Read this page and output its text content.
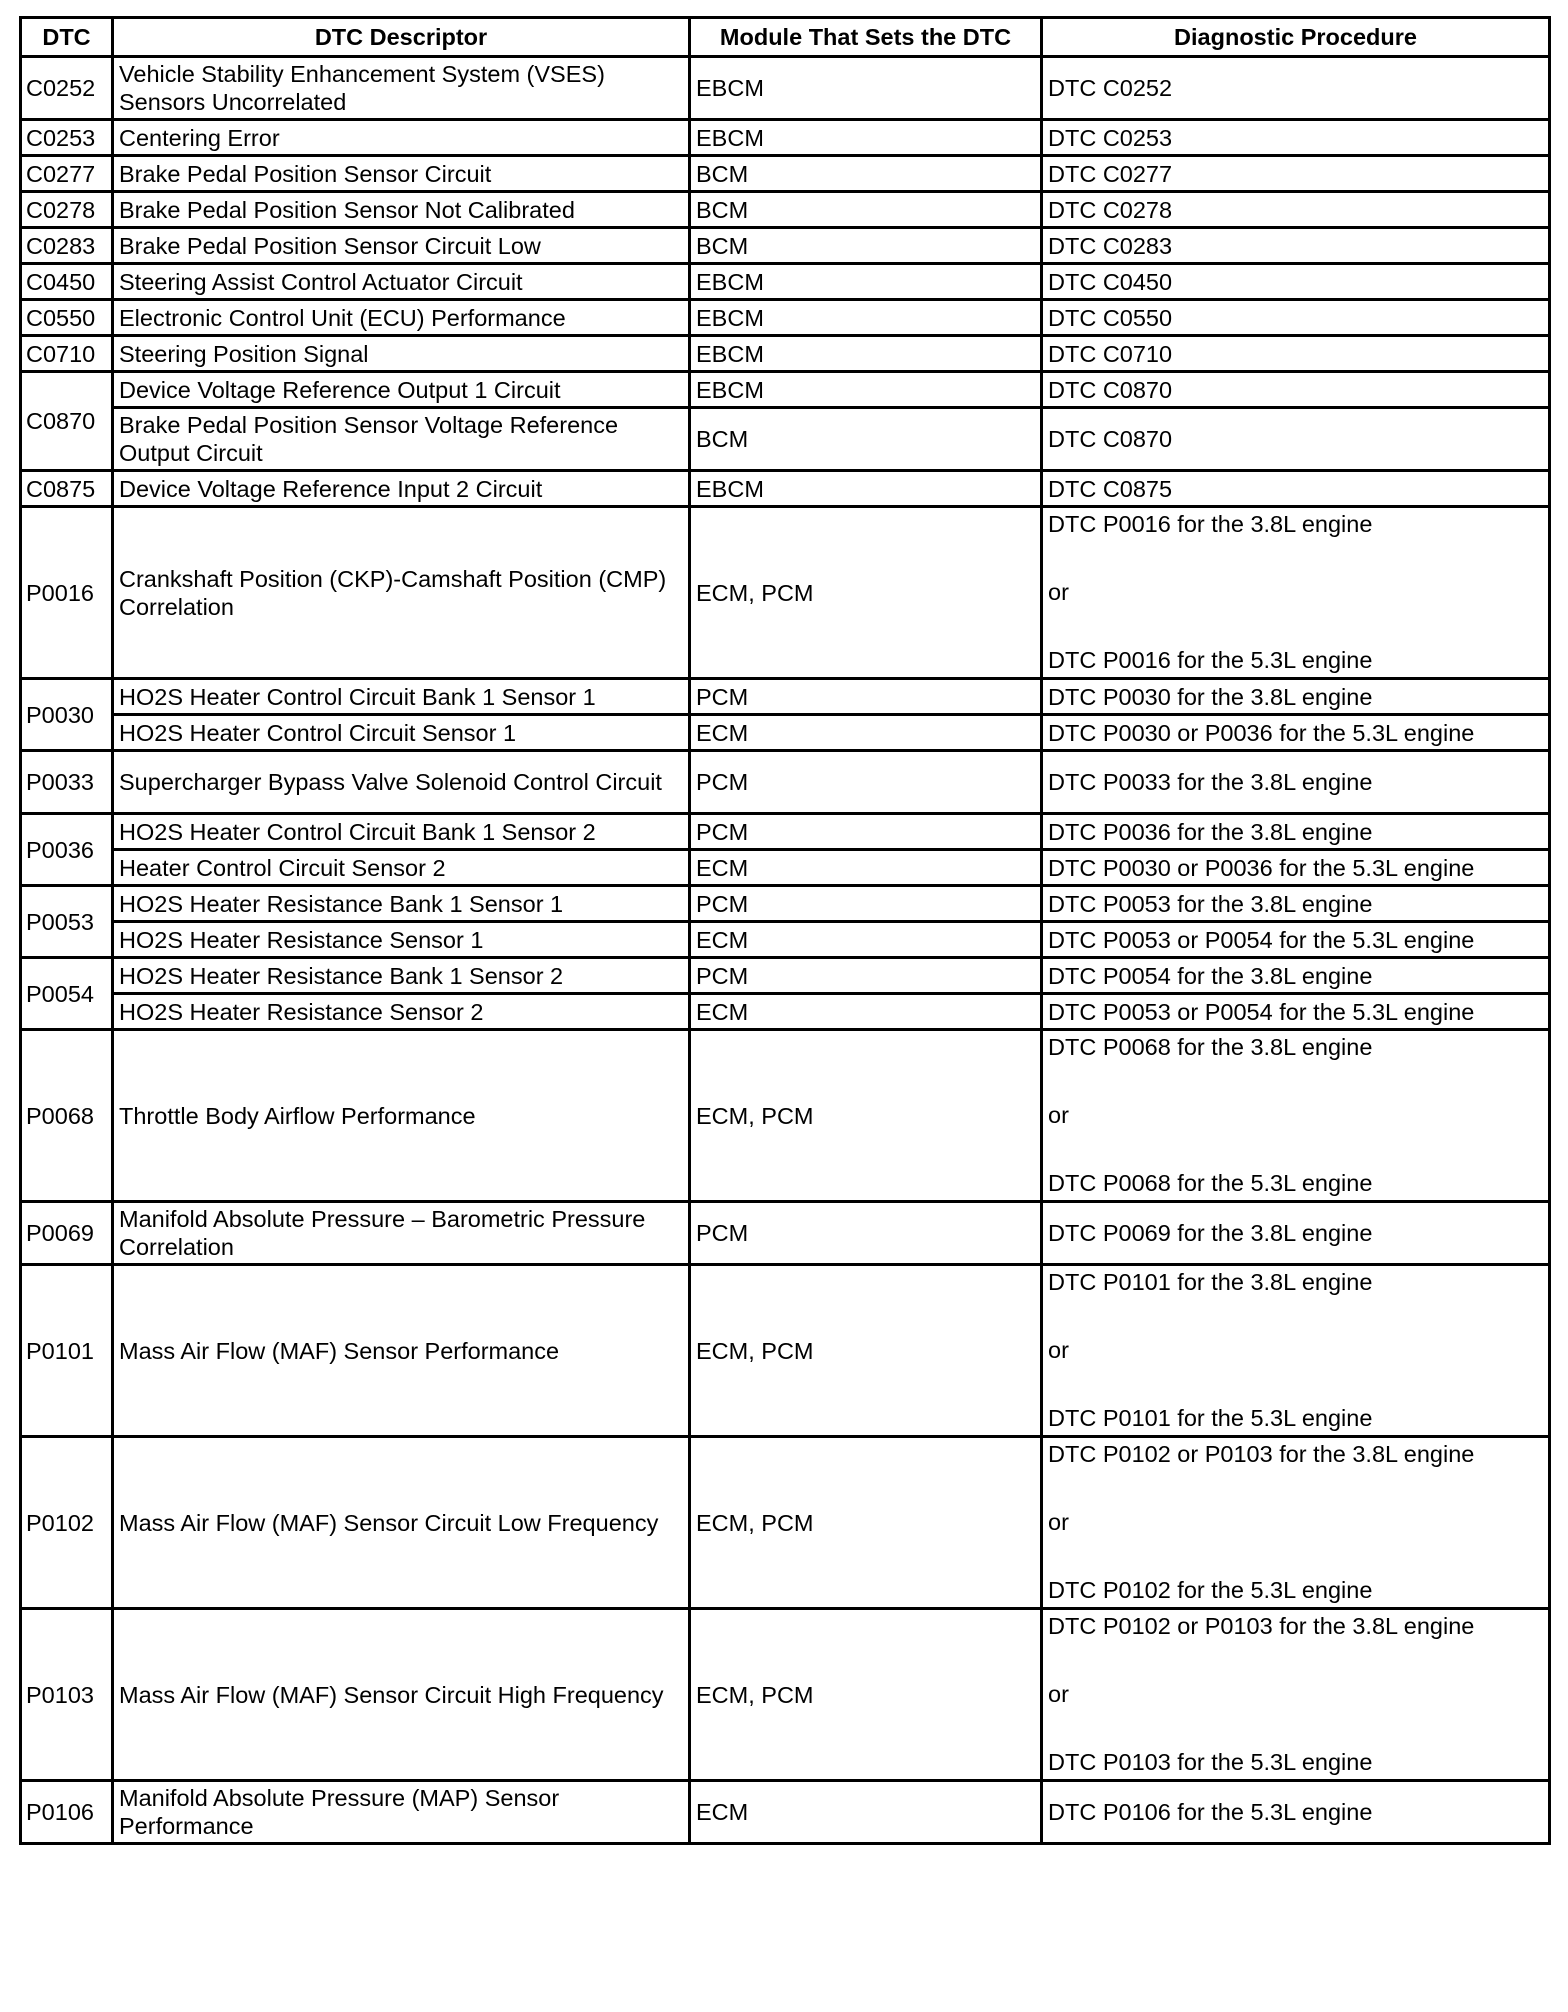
DTC	DTC Descriptor	Module That Sets the DTC	Diagnostic Procedure
C0252	Vehicle Stability Enhancement System (VSES) Sensors Uncorrelated	EBCM	DTC C0252
C0253	Centering Error	EBCM	DTC C0253
C0277	Brake Pedal Position Sensor Circuit	BCM	DTC C0277
C0278	Brake Pedal Position Sensor Not Calibrated	BCM	DTC C0278
C0283	Brake Pedal Position Sensor Circuit Low	BCM	DTC C0283
C0450	Steering Assist Control Actuator Circuit	EBCM	DTC C0450
C0550	Electronic Control Unit (ECU) Performance	EBCM	DTC C0550
C0710	Steering Position Signal	EBCM	DTC C0710
C0870	Device Voltage Reference Output 1 Circuit	EBCM	DTC C0870
	Brake Pedal Position Sensor Voltage Reference Output Circuit	BCM	DTC C0870
C0875	Device Voltage Reference Input 2 Circuit	EBCM	DTC C0875
P0016	Crankshaft Position (CKP)-Camshaft Position (CMP) Correlation	ECM, PCM	DTC P0016 for the 3.8L engine
or
DTC P0016 for the 5.3L engine

P0030	HO2S Heater Control Circuit Bank 1 Sensor 1	PCM	DTC P0030 for the 3.8L engine
	HO2S Heater Control Circuit Sensor 1	ECM	DTC P0030 or P0036 for the 5.3L engine
P0033	Supercharger Bypass Valve Solenoid Control Circuit	PCM	DTC P0033 for the 3.8L engine
P0036	HO2S Heater Control Circuit Bank 1 Sensor 2	PCM	DTC P0036 for the 3.8L engine
	Heater Control Circuit Sensor 2	ECM	DTC P0030 or P0036 for the 5.3L engine
P0053	HO2S Heater Resistance Bank 1 Sensor 1	PCM	DTC P0053 for the 3.8L engine
	HO2S Heater Resistance Sensor 1	ECM	DTC P0053 or P0054 for the 5.3L engine
P0054	HO2S Heater Resistance Bank 1 Sensor 2	PCM	DTC P0054 for the 3.8L engine
	HO2S Heater Resistance Sensor 2	ECM	DTC P0053 or P0054 for the 5.3L engine
P0068	Throttle Body Airflow Performance	ECM, PCM	DTC P0068 for the 3.8L engine
or
DTC P0068 for the 5.3L engine

P0069	Manifold Absolute Pressure – Barometric Pressure Correlation	PCM	DTC P0069 for the 3.8L engine
P0101	Mass Air Flow (MAF) Sensor Performance	ECM, PCM	DTC P0101 for the 3.8L engine
or
DTC P0101 for the 5.3L engine

P0102	Mass Air Flow (MAF) Sensor Circuit Low Frequency	ECM, PCM	DTC P0102 or P0103 for the 3.8L engine
or
DTC P0102 for the 5.3L engine

P0103	Mass Air Flow (MAF) Sensor Circuit High Frequency	ECM, PCM	DTC P0102 or P0103 for the 3.8L engine
or
DTC P0103 for the 5.3L engine

P0106	Manifold Absolute Pressure (MAP) Sensor Performance	ECM	DTC P0106 for the 5.3L engine
